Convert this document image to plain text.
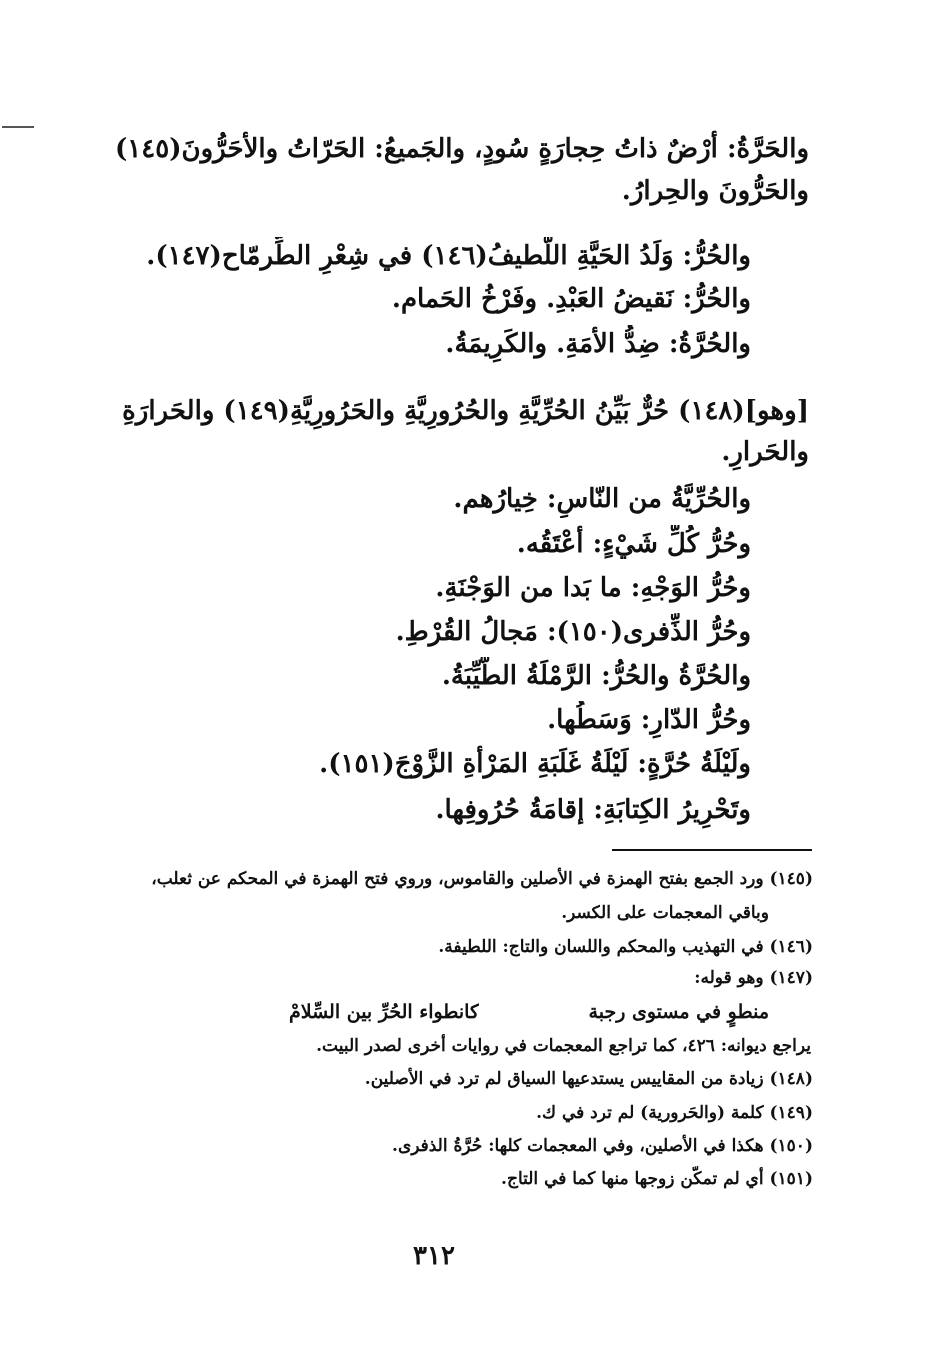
والحَرَّةُ: أرْضٌ ذاتُ حِجارَةٍ سُودٍ، والجَميعُ: الحَرّاتُ والأحَرُّونَ(١٤٥)
والحَرُّونَ والحِرارُ.
والحُرُّ: وَلَدُ الحَيَّةِ اللَّطيفُ(١٤٦) في شِعْرِ الطِّرمّاح(١٤٧).
والحُرُّ: نَقيضُ العَبْدِ. وفَرْخُ الحَمام.
والحُرَّةُ: ضِدُّ الأمَةِ. والكَرِيمَةُ.
[وهو](١٤٨) حُرٌّ بَيِّنُ الحُرِّيَّةِ والحُرُورِيَّةِ والحَرُورِيَّةِ(١٤٩) والحَرارَةِ
والحَرارِ.
والحُرِّيَّةُ من النّاسِ: خِيارُهم.
وحُرُّ كُلِّ شَيْءٍ: أعْتَقُه.
وحُرُّ الوَجْهِ: ما بَدا من الوَجْنَةِ.
وحُرُّ الذِّفرى(١٥٠): مَجالُ القُرْطِ.
والحُرَّةُ والحُرُّ: الرَّمْلَةُ الطَّيِّبَةُ.
وحُرُّ الدّارِ: وَسَطُها.
ولَيْلَةُ حُرَّةٍ: لَيْلَةُ غَلَبَةِ المَرْأةِ الزَّوْجَ(١٥١).
وتَحْرِيرُ الكِتابَةِ: إقامَةُ حُرُوفِها.
(١٤٥) ورد الجمع بفتح الهمزة في الأصلين والقاموس، وروي فتح الهمزة في المحكم عن ثعلب،
وباقي المعجمات على الكسر.
(١٤٦) في التهذيب والمحكم واللسان والتاج: اللطيفة.
(١٤٧) وهو قوله:
منطوٍ في مستوى رجبة
كانطواء الحُرِّ بين السِّلامْ
يراجع ديوانه: ٤٢٦، كما تراجع المعجمات في روايات أخرى لصدر البيت.
(١٤٨) زيادة من المقاييس يستدعيها السياق لم ترد في الأصلين.
(١٤٩) كلمة (والحَرورية) لم ترد في ك.
(١٥٠) هكذا في الأصلين، وفي المعجمات كلها: حُرَّةُ الذفرى.
(١٥١) أي لم تمكّن زوجها منها كما في التاج.
٣١٢
